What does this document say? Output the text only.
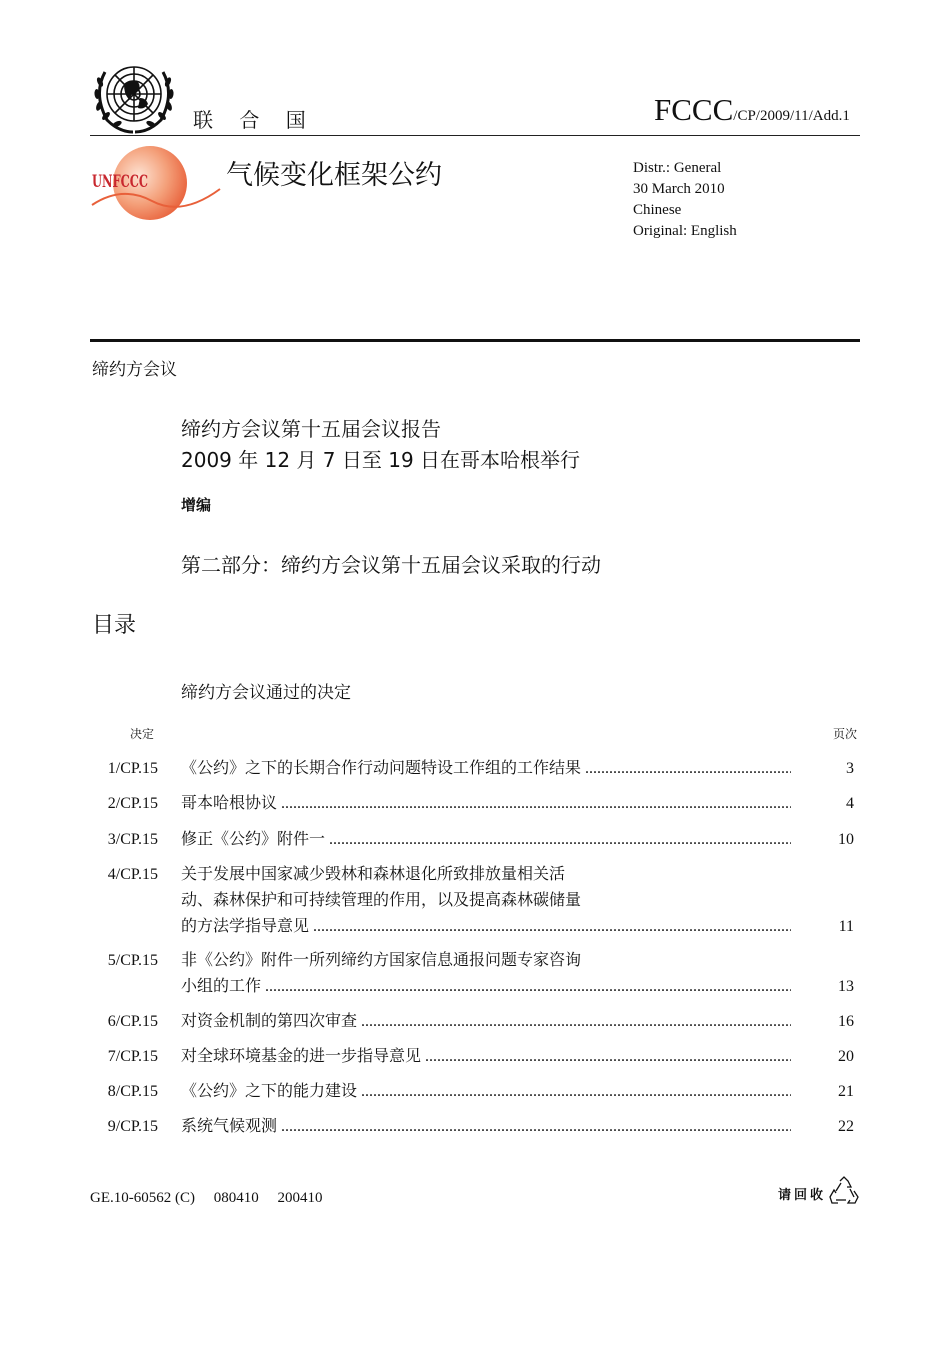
联 合 国	FCCC/CP/2009/11/Add.1
UNFCCC	气候变化框架公约	Distr.: General
30 March 2010
Chinese
Original: English
缔约方会议
缔约方会议第十五届会议报告
2009 年 12 月 7 日至 19 日在哥本哈根举行
增编
第二部分：缔约方会议第十五届会议采取的行动
目录
缔约方会议通过的决定
决定	页次
1/CP.15 《公约》之下的长期合作行动问题特设工作组的工作结果 .....	3
2/CP.15 哥本哈根协议 .....	4
3/CP.15 修正《公约》附件一 .....	10
4/CP.15 关于发展中国家减少毁林和森林退化所致排放量相关活
动、森林保护和可持续管理的作用，以及提高森林碳储量
的方法学指导意见 .....	11
5/CP.15 非《公约》附件一所列缔约方国家信息通报问题专家咨询
小组的工作 .....	13
6/CP.15 对资金机制的第四次审查 .....	16
7/CP.15 对全球环境基金的进一步指导意见 .....	20
8/CP.15 《公约》之下的能力建设 .....	21
9/CP.15 系统气候观测 .....	22
GE.10-60562 (C)     080410     200410	请回收
